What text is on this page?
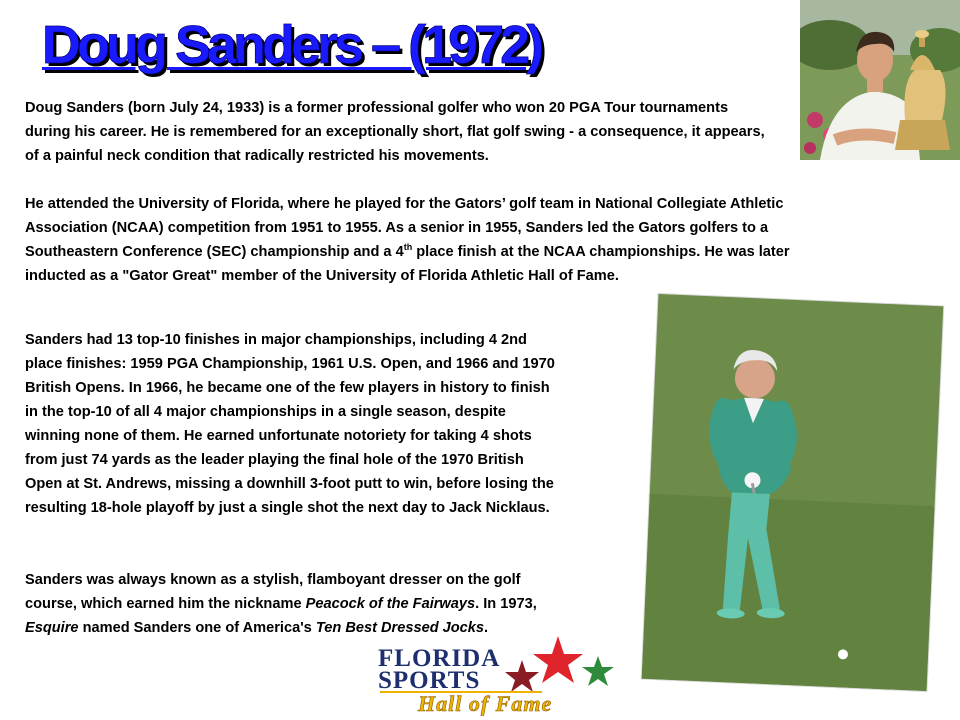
Doug Sanders – (1972)

Doug Sanders (born July 24, 1933) is a former professional golfer who won 20 PGA Tour tournaments during his career. He is remembered for an exceptionally short, flat golf swing - a consequence, it appears, of a painful neck condition that radically restricted his movements.

He attended the University of Florida, where he played for the Gators’ golf team in National Collegiate Athletic Association (NCAA) competition from 1951 to 1955. As a senior in 1955, Sanders led the Gators golfers to a Southeastern Conference (SEC) championship and a 4th place finish at the NCAA championships. He was later inducted as a "Gator Great" member of the University of Florida Athletic Hall of Fame.

Sanders had 13 top-10 finishes in major championships, including 4 2nd place finishes: 1959 PGA Championship, 1961 U.S. Open, and 1966 and 1970 British Opens. In 1966, he became one of the few players in history to finish in the top-10 of all 4 major championships in a single season, despite winning none of them. He earned unfortunate notoriety for taking 4 shots from just 74 yards as the leader playing the final hole of the 1970 British Open at St. Andrews, missing a downhill 3-foot putt to win, before losing the resulting 18-hole playoff by just a single shot the next day to Jack Nicklaus.

Sanders was always known as a stylish, flamboyant dresser on the golf course, which earned him the nickname Peacock of the Fairways. In 1973, Esquire named Sanders one of America's Ten Best Dressed Jocks.

FLORIDA
SPORTS
Hall of Fame
